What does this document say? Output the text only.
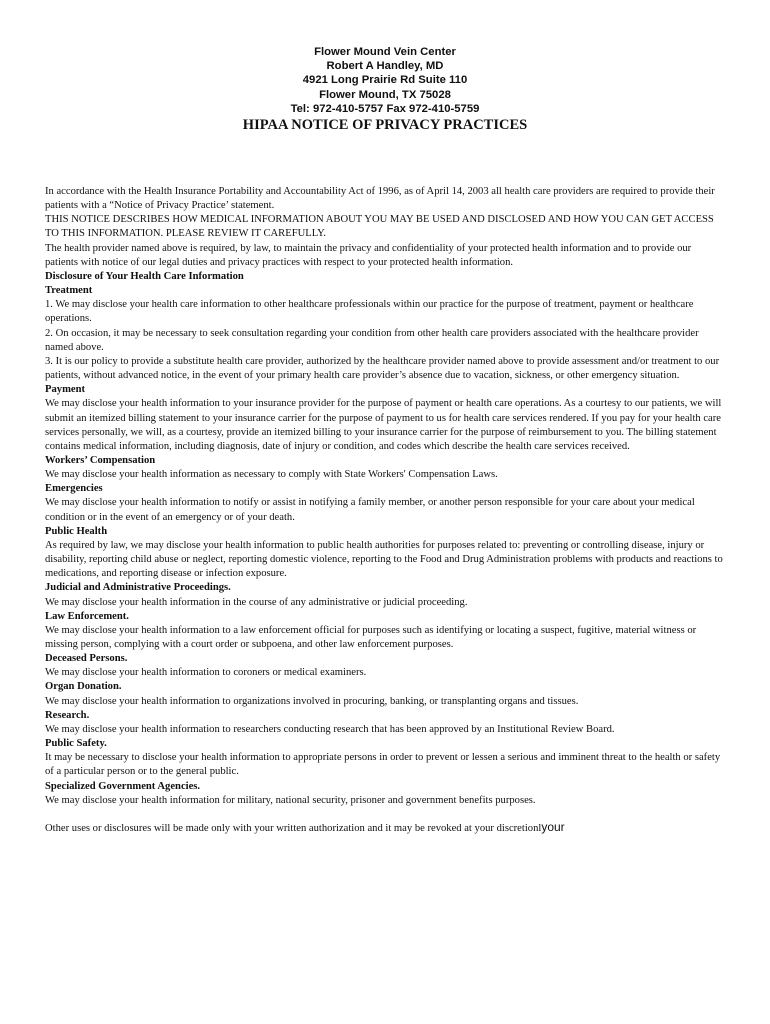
Flower Mound Vein Center
Robert A Handley, MD
4921 Long Prairie Rd Suite 110
Flower Mound, TX 75028
Tel: 972-410-5757 Fax 972-410-5759
HIPAA NOTICE OF PRIVACY PRACTICES

In accordance with the Health Insurance Portability and Accountability Act of 1996, as of April 14, 2003 all health care providers are required to provide their patients with a “Notice of Privacy Practice’ statement.

THIS NOTICE DESCRIBES HOW MEDICAL INFORMATION ABOUT YOU MAY BE USED AND DISCLOSED AND HOW YOU CAN GET ACCESS TO THIS INFORMATION. PLEASE REVIEW IT CAREFULLY.

The health provider named above is required, by law, to maintain the privacy and confidentiality of your protected health information and to provide our patients with notice of our legal duties and privacy practices with respect to your protected health information.

Disclosure of Your Health Care Information

Treatment

1. We may disclose your health care information to other healthcare professionals within our practice for the purpose of treatment, payment or healthcare operations.

2. On occasion, it may be necessary to seek consultation regarding your condition from other health care providers associated with the healthcare provider named above.

3. It is our policy to provide a substitute health care provider, authorized by the healthcare provider named above to provide assessment and/or treatment to our patients, without advanced notice, in the event of your primary health care provider’s absence due to vacation, sickness, or other emergency situation.

Payment

We may disclose your health information to your insurance provider for the purpose of payment or health care operations. As a courtesy to our patients, we will submit an itemized billing statement to your insurance carrier for the purpose of payment to us for health care services rendered. If you pay for your health care services personally, we will, as a courtesy, provide an itemized billing to your insurance carrier for the purpose of reimbursement to you. The billing statement contains medical information, including diagnosis, date of injury or condition, and codes which describe the health care services received.

Workers’ Compensation

We may disclose your health information as necessary to comply with State Workers' Compensation Laws.

Emergencies

We may disclose your health information to notify or assist in notifying a family member, or another person responsible for your care about your medical condition or in the event of an emergency or of your death.

Public Health

As required by law, we may disclose your health information to public health authorities for purposes related to: preventing or controlling disease, injury or disability, reporting child abuse or neglect, reporting domestic violence, reporting to the Food and Drug Administration problems with products and reactions to medications, and reporting disease or infection exposure.

Judicial and Administrative Proceedings.

We may disclose your health information in the course of any administrative or judicial proceeding.

Law Enforcement.

We may disclose your health information to a law enforcement official for purposes such as identifying or locating a suspect, fugitive, material witness or missing person, complying with a court order or subpoena, and other law enforcement purposes.

Deceased Persons.

We may disclose your health information to coroners or medical examiners.

Organ Donation.

We may disclose your health information to organizations involved in procuring, banking, or transplanting organs and tissues.

Research.

We may disclose your health information to researchers conducting research that has been approved by an Institutional Review Board.

Public Safety.

It may be necessary to disclose your health information to appropriate persons in order to prevent or lessen a serious and imminent threat to the health or safety of a particular person or to the general public.

Specialized Government Agencies.

We may disclose your health information for military, national security, prisoner and government benefits purposes.

Other uses or disclosures will be made only with your written authorization and it may be revoked at your discretionlyour
